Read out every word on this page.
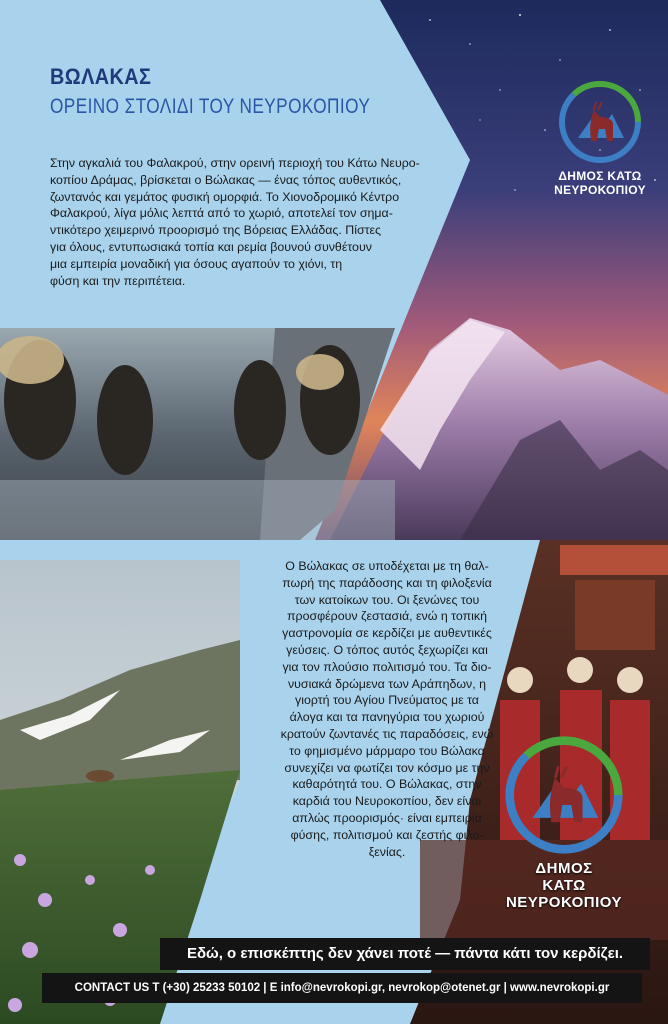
ΒΩΛΑΚΑΣ
ΟΡΕΙΝΟ ΣΤΟΛΙΔΙ ΤΟΥ ΝΕΥΡΟΚΟΠΙΟΥ
Στην αγκαλιά του Φαλακρού, στην ορεινή περιοχή του Κάτω Νευρο-
κοπίου Δράμας, βρίσκεται ο Βώλακας — ένας τόπος αυθεντικός,
ζωντανός και γεμάτος φυσική ομορφιά. Το Χιονοδρομικό Κέντρο
Φαλακρού, λίγα μόλις λεπτά από το χωριό, αποτελεί τον σημα-
ντικότερο χειμερινό προορισμό της Βόρειας Ελλάδας. Πίστες
για όλους, εντυπωσιακά τοπία και ρεμία βουνού συνθέτουν
μια εμπειρία μοναδική για όσους αγαπούν το χιόνι, τη
φύση και την περιπέτεια.
Ο Βώλακας σε υποδέχεται με τη θαλ-
πωρή της παράδοσης και τη φιλοξενία
των κατοίκων του. Οι ξενώνες του
προσφέρουν ζεστασιά, ενώ η τοπική
γαστρονομία σε κερδίζει με αυθεντικές
γεύσεις. Ο τόπος αυτός ξεχωρίζει και
για τον πλούσιο πολιτισμό του. Τα διο-
νυσιακά δρώμενα των Αράπηδων, η
γιορτή του Αγίου Πνεύματος με τα
άλογα και τα πανηγύρια του χωριού
κρατούν ζωντανές τις παραδόσεις, ενώ
το φημισμένο μάρμαρο του Βώλακα
συνεχίζει να φωτίζει τον κόσμο με την
καθαρότητά του. Ο Βώλακας, στην
καρδιά του Νευροκοπίου, δεν είναι
απλώς προορισμός· είναι εμπειρία
φύσης, πολιτισμού και ζεστής φιλο-
ξενίας.
ΔΗΜΟΣ ΚΑΤΩ
ΝΕΥΡΟΚΟΠΙΟΥ
ΔΗΜΟΣ
ΚΑΤΩ
ΝΕΥΡΟΚΟΠΙΟΥ
Εδώ, ο επισκέπτης δεν χάνει ποτέ — πάντα κάτι τον κερδίζει.
CONTACT US T (+30) 25233 50102 | E info@nevrokopi.gr, nevrokop@otenet.gr | www.nevrokopi.gr
